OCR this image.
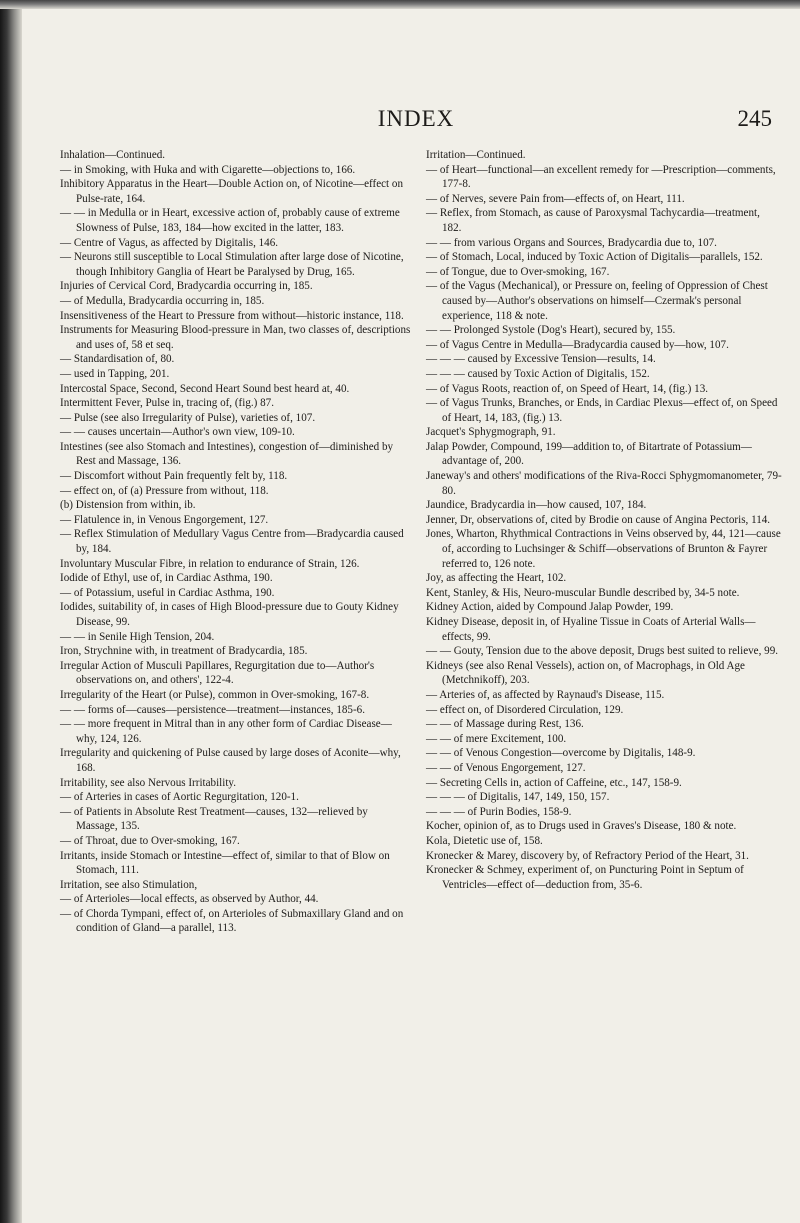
INDEX	245

Inhalation—Continued.

— in Smoking, with Huka and with Cigarette—objections to, 166.

Inhibitory Apparatus in the Heart—Double Action on, of Nicotine—effect on Pulse-rate, 164.

— — in Medulla or in Heart, excessive action of, probably cause of extreme Slowness of Pulse, 183, 184—how excited in the latter, 183.

— Centre of Vagus, as affected by Digitalis, 146.

— Neurons still susceptible to Local Stimulation after large dose of Nicotine, though Inhibitory Ganglia of Heart be Paralysed by Drug, 165.

Injuries of Cervical Cord, Bradycardia occurring in, 185.

— of Medulla, Bradycardia occurring in, 185.

Insensitiveness of the Heart to Pressure from without—historic instance, 118.

Instruments for Measuring Blood-pressure in Man, two classes of, descriptions and uses of, 58 et seq.

— Standardisation of, 80.

— used in Tapping, 201.

Intercostal Space, Second, Second Heart Sound best heard at, 40.

Intermittent Fever, Pulse in, tracing of, (fig.) 87.

— Pulse (see also Irregularity of Pulse), varieties of, 107.

— — causes uncertain—Author's own view, 109-10.

Intestines (see also Stomach and Intestines), congestion of—diminished by Rest and Massage, 136.

— Discomfort without Pain frequently felt by, 118.

— effect on, of (a) Pressure from without, 118.

(b) Distension from within, ib.

— Flatulence in, in Venous Engorgement, 127.

— Reflex Stimulation of Medullary Vagus Centre from—Bradycardia caused by, 184.

Involuntary Muscular Fibre, in relation to endurance of Strain, 126.

Iodide of Ethyl, use of, in Cardiac Asthma, 190.

— of Potassium, useful in Cardiac Asthma, 190.

Iodides, suitability of, in cases of High Blood-pressure due to Gouty Kidney Disease, 99.

— — in Senile High Tension, 204.

Iron, Strychnine with, in treatment of Bradycardia, 185.

Irregular Action of Musculi Papillares, Regurgitation due to—Author's observations on, and others', 122-4.

Irregularity of the Heart (or Pulse), common in Over-smoking, 167-8.

— — forms of—causes—persistence—treatment—instances, 185-6.

— — more frequent in Mitral than in any other form of Cardiac Disease—why, 124, 126.

Irregularity and quickening of Pulse caused by large doses of Aconite—why, 168.

Irritability, see also Nervous Irritability.

— of Arteries in cases of Aortic Regurgitation, 120-1.

— of Patients in Absolute Rest Treatment—causes, 132—relieved by Massage, 135.

— of Throat, due to Over-smoking, 167.

Irritants, inside Stomach or Intestine—effect of, similar to that of Blow on Stomach, 111.

Irritation, see also Stimulation,

— of Arterioles—local effects, as observed by Author, 44.

— of Chorda Tympani, effect of, on Arterioles of Submaxillary Gland and on condition of Gland—a parallel, 113.

Irritation—Continued.

— of Heart—functional—an excellent remedy for —Prescription—comments, 177-8.

— of Nerves, severe Pain from—effects of, on Heart, 111.

— Reflex, from Stomach, as cause of Paroxysmal Tachycardia—treatment, 182.

— — from various Organs and Sources, Bradycardia due to, 107.

— of Stomach, Local, induced by Toxic Action of Digitalis—parallels, 152.

— of Tongue, due to Over-smoking, 167.

— of the Vagus (Mechanical), or Pressure on, feeling of Oppression of Chest caused by—Author's observations on himself—Czermak's personal experience, 118 & note.

— — Prolonged Systole (Dog's Heart), secured by, 155.

— of Vagus Centre in Medulla—Bradycardia caused by—how, 107.

— — — caused by Excessive Tension—results, 14.

— — — caused by Toxic Action of Digitalis, 152.

— of Vagus Roots, reaction of, on Speed of Heart, 14, (fig.) 13.

— of Vagus Trunks, Branches, or Ends, in Cardiac Plexus—effect of, on Speed of Heart, 14, 183, (fig.) 13.

Jacquet's Sphygmograph, 91.

Jalap Powder, Compound, 199—addition to, of Bitartrate of Potassium—advantage of, 200.

Janeway's and others' modifications of the Riva-Rocci Sphygmomanometer, 79-80.

Jaundice, Bradycardia in—how caused, 107, 184.

Jenner, Dr, observations of, cited by Brodie on cause of Angina Pectoris, 114.

Jones, Wharton, Rhythmical Contractions in Veins observed by, 44, 121—cause of, according to Luchsinger & Schiff—observations of Brunton & Fayrer referred to, 126 note.

Joy, as affecting the Heart, 102.

Kent, Stanley, & His, Neuro-muscular Bundle described by, 34-5 note.

Kidney Action, aided by Compound Jalap Powder, 199.

Kidney Disease, deposit in, of Hyaline Tissue in Coats of Arterial Walls—effects, 99.

— — Gouty, Tension due to the above deposit, Drugs best suited to relieve, 99.

Kidneys (see also Renal Vessels), action on, of Macrophags, in Old Age (Metchnikoff), 203.

— Arteries of, as affected by Raynaud's Disease, 115.

— effect on, of Disordered Circulation, 129.

— — of Massage during Rest, 136.

— — of mere Excitement, 100.

— — of Venous Congestion—overcome by Digitalis, 148-9.

— — of Venous Engorgement, 127.

— Secreting Cells in, action of Caffeine, etc., 147, 158-9.

— — — of Digitalis, 147, 149, 150, 157.

— — — of Purin Bodies, 158-9.

Kocher, opinion of, as to Drugs used in Graves's Disease, 180 & note.

Kola, Dietetic use of, 158.

Kronecker & Marey, discovery by, of Refractory Period of the Heart, 31.

Kronecker & Schmey, experiment of, on Puncturing Point in Septum of Ventricles—effect of—deduction from, 35-6.
